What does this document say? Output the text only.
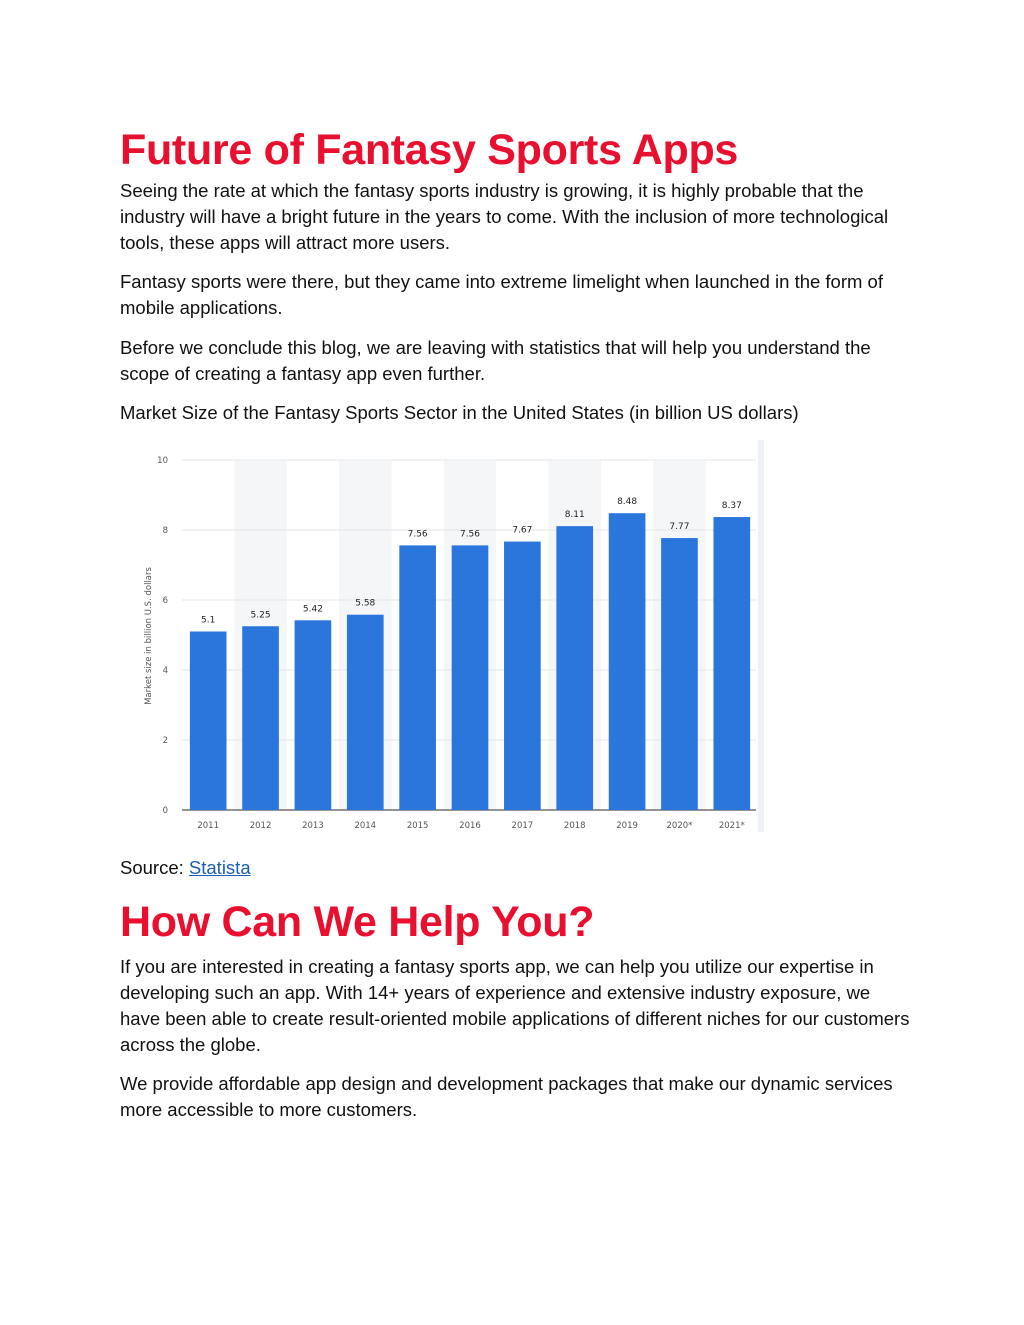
Future of Fantasy Sports Apps

Seeing the rate at which the fantasy sports industry is growing, it is highly probable that the industry will have a bright future in the years to come. With the inclusion of more technological tools, these apps will attract more users.

Fantasy sports were there, but they came into extreme limelight when launched in the form of mobile applications.

Before we conclude this blog, we are leaving with statistics that will help you understand the scope of creating a fantasy app even further.

Market Size of the Fantasy Sports Sector in the United States (in billion US dollars)

5.1
5.25
5.42
5.58
7.56	7.56	7.67
8.11
8.48
7.77
8.37
2011	2012	2013	2014	2015	2016	2017	2018	2019	2020*	2021*
0
2
4
6
8
10
Market size in billion U.S. dollars

Source: Statista

How Can We Help You?

If you are interested in creating a fantasy sports app, we can help you utilize our expertise in developing such an app. With 14+ years of experience and extensive industry exposure, we have been able to create result-oriented mobile applications of different niches for our customers across the globe.

We provide affordable app design and development packages that make our dynamic services more accessible to more customers.
